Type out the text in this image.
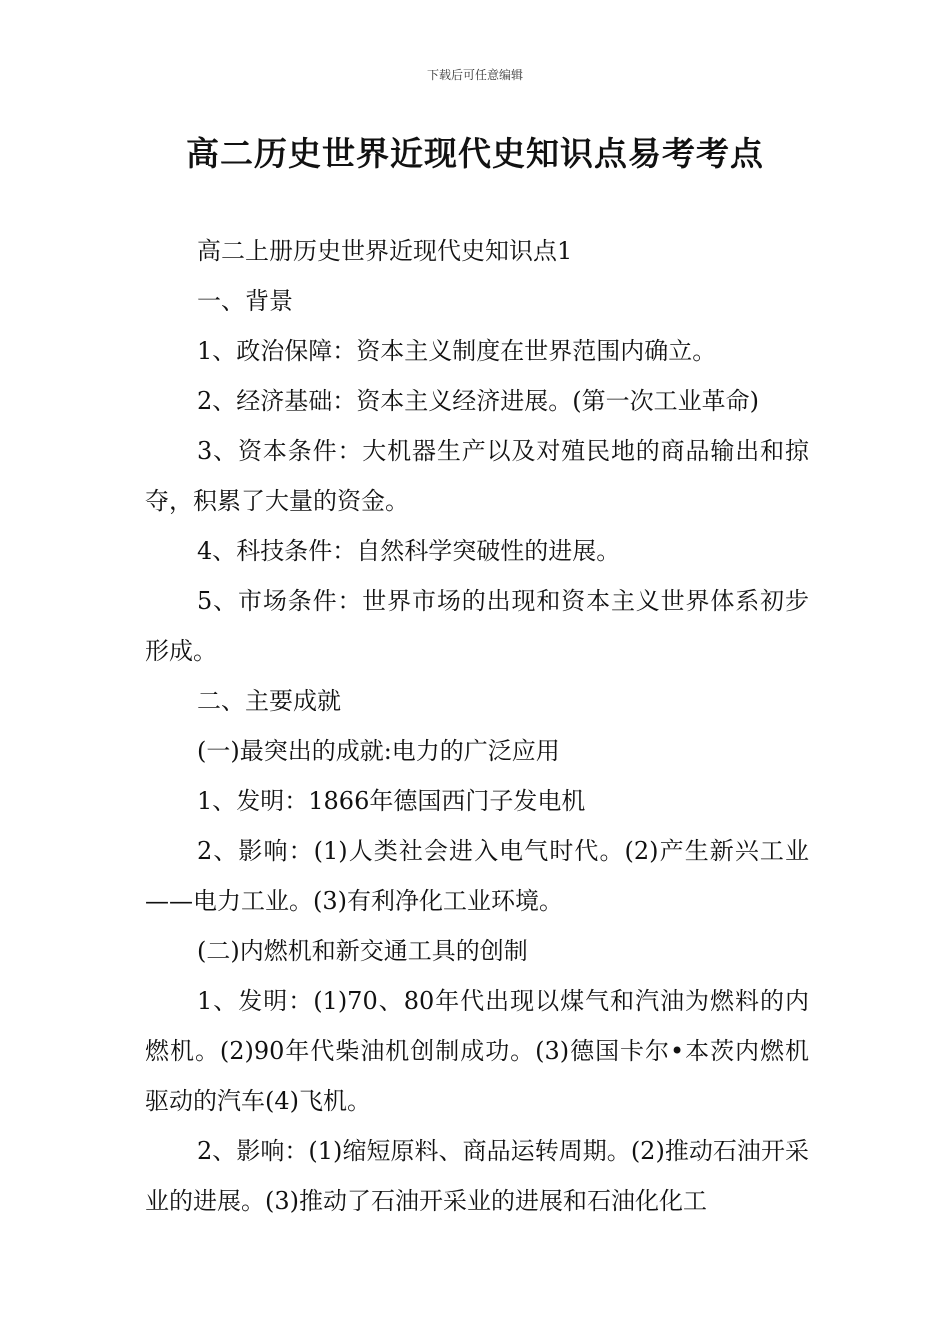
下载后可任意编辑
高二历史世界近现代史知识点易考考点

高二上册历史世界近现代史知识点1

一、背景

1、政治保障：资本主义制度在世界范围内确立。

2、经济基础：资本主义经济进展。(第一次工业革命)

3、资本条件：大机器生产以及对殖民地的商品输出和掠夺，积累了大量的资金。

4、科技条件：自然科学突破性的进展。

5、市场条件：世界市场的出现和资本主义世界体系初步形成。

二、主要成就

(一)最突出的成就:电力的广泛应用

1、发明：1866年德国西门子发电机

2、影响：(1)人类社会进入电气时代。(2)产生新兴工业——电力工业。(3)有利净化工业环境。

(二)内燃机和新交通工具的创制

1、发明：(1)70、80年代出现以煤气和汽油为燃料的内燃机。(2)90年代柴油机创制成功。(3)德国卡尔•本茨内燃机驱动的汽车(4)飞机。

2、影响：(1)缩短原料、商品运转周期。(2)推动石油开采业的进展。(3)推动了石油开采业的进展和石油化化工
